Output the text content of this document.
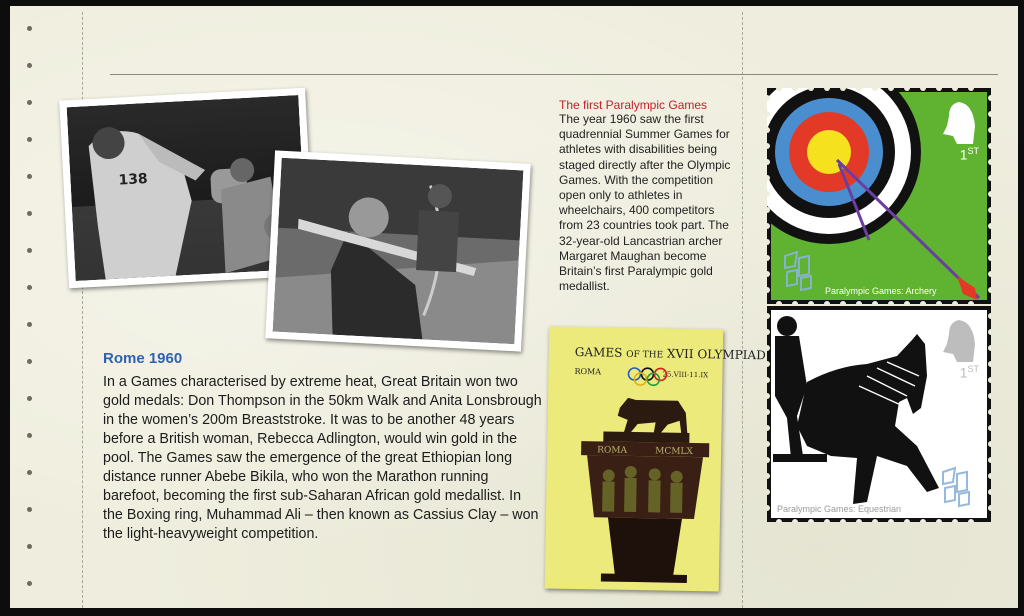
138
The first Paralympic Games
The year 1960 saw the first quadrennial Summer Games for athletes with disabilities being staged directly after the Olympic Games. With the competition open only to athletes in wheelchairs, 400 competitors from 23 countries took part. The 32-year-old Lancastrian archer Margaret Maughan become Britain’s first Paralympic gold medallist.
Rome 1960
In a Games characterised by extreme heat, Great Britain won two gold medals: Don Thompson in the 50km Walk and Anita Lonsbrough in the women’s 200m Breaststroke. It was to be another 48 years before a British woman, Rebecca Adlington, would win gold in the pool. The Games saw the emergence of the great Ethiopian long distance runner Abebe Bikila, who won the Marathon running barefoot, becoming the first sub-Saharan African gold medallist. In the Boxing ring, Muhammad Ali – then known as Cassius Clay – won the light-heavyweight competition.
GAMES OF THE XVII OLYMPIAD
ROMA	25.VIII-11.IX
ROMA	MCMLX
1ST
Paralympic Games: Archery
1ST
Paralympic Games: Equestrian
